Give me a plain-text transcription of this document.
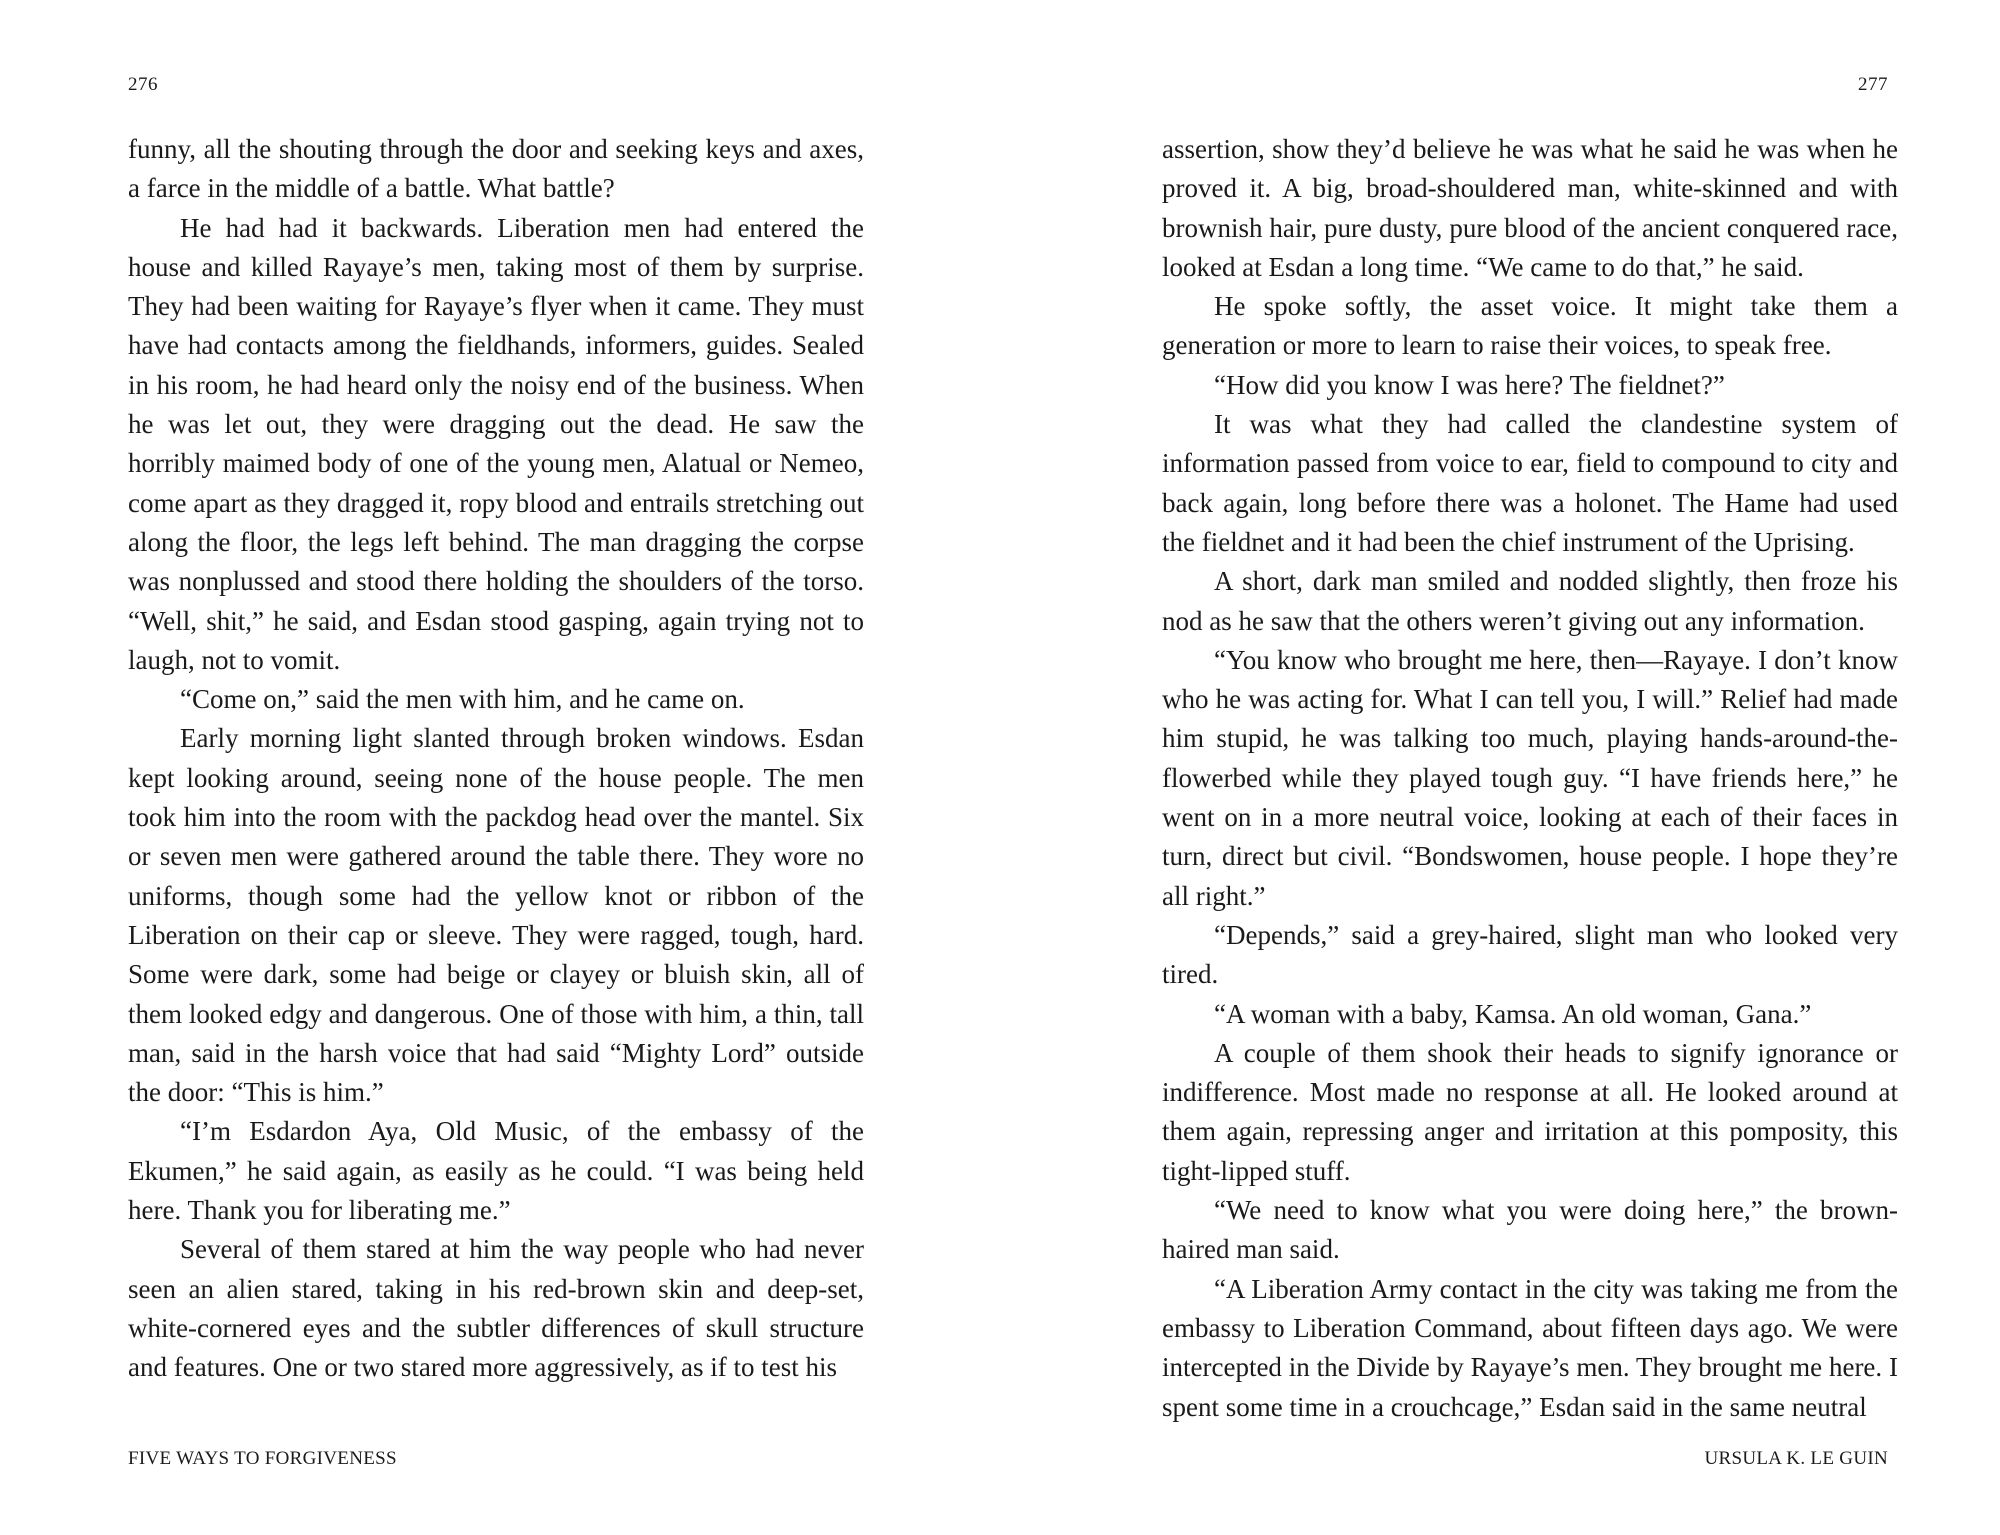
276

funny, all the shouting through the door and seeking keys and axes, a farce in the middle of a battle. What battle?

He had had it backwards. Liberation men had entered the house and killed Rayaye’s men, taking most of them by surprise. They had been waiting for Rayaye’s flyer when it came. They must have had contacts among the fieldhands, informers, guides. Sealed in his room, he had heard only the noisy end of the business. When he was let out, they were dragging out the dead. He saw the horribly maimed body of one of the young men, Alatual or Nemeo, come apart as they dragged it, ropy blood and entrails stretching out along the floor, the legs left behind. The man dragging the corpse was nonplussed and stood there holding the shoulders of the torso. “Well, shit,” he said, and Esdan stood gasping, again trying not to laugh, not to vomit.

“Come on,” said the men with him, and he came on.

Early morning light slanted through broken windows. Esdan kept looking around, seeing none of the house people. The men took him into the room with the packdog head over the mantel. Six or seven men were gathered around the table there. They wore no uniforms, though some had the yellow knot or ribbon of the Liberation on their cap or sleeve. They were ragged, tough, hard. Some were dark, some had beige or clayey or bluish skin, all of them looked edgy and dangerous. One of those with him, a thin, tall man, said in the harsh voice that had said “Mighty Lord” outside the door: “This is him.”

“I’m Esdardon Aya, Old Music, of the embassy of the Ekumen,” he said again, as easily as he could. “I was being held here. Thank you for liberating me.”

Several of them stared at him the way people who had never seen an alien stared, taking in his red-brown skin and deep-set, white-cornered eyes and the subtler differences of skull structure and features. One or two stared more aggressively, as if to test his

FIVE WAYS TO FORGIVENESS
277

assertion, show they’d believe he was what he said he was when he proved it. A big, broad-shouldered man, white-skinned and with brownish hair, pure dusty, pure blood of the ancient conquered race, looked at Esdan a long time. “We came to do that,” he said.

He spoke softly, the asset voice. It might take them a generation or more to learn to raise their voices, to speak free.

“How did you know I was here? The fieldnet?”

It was what they had called the clandestine system of information passed from voice to ear, field to compound to city and back again, long before there was a holonet. The Hame had used the fieldnet and it had been the chief instrument of the Uprising.

A short, dark man smiled and nodded slightly, then froze his nod as he saw that the others weren’t giving out any information.

“You know who brought me here, then—Rayaye. I don’t know who he was acting for. What I can tell you, I will.” Relief had made him stupid, he was talking too much, playing hands-around-the-flowerbed while they played tough guy. “I have friends here,” he went on in a more neutral voice, looking at each of their faces in turn, direct but civil. “Bondswomen, house people. I hope they’re all right.”

“Depends,” said a grey-haired, slight man who looked very tired.

“A woman with a baby, Kamsa. An old woman, Gana.”

A couple of them shook their heads to signify ignorance or indifference. Most made no response at all. He looked around at them again, repressing anger and irritation at this pomposity, this tight-lipped stuff.

“We need to know what you were doing here,” the brown-haired man said.

“A Liberation Army contact in the city was taking me from the embassy to Liberation Command, about fifteen days ago. We were intercepted in the Divide by Rayaye’s men. They brought me here. I spent some time in a crouchcage,” Esdan said in the same neutral

URSULA K. LE GUIN
